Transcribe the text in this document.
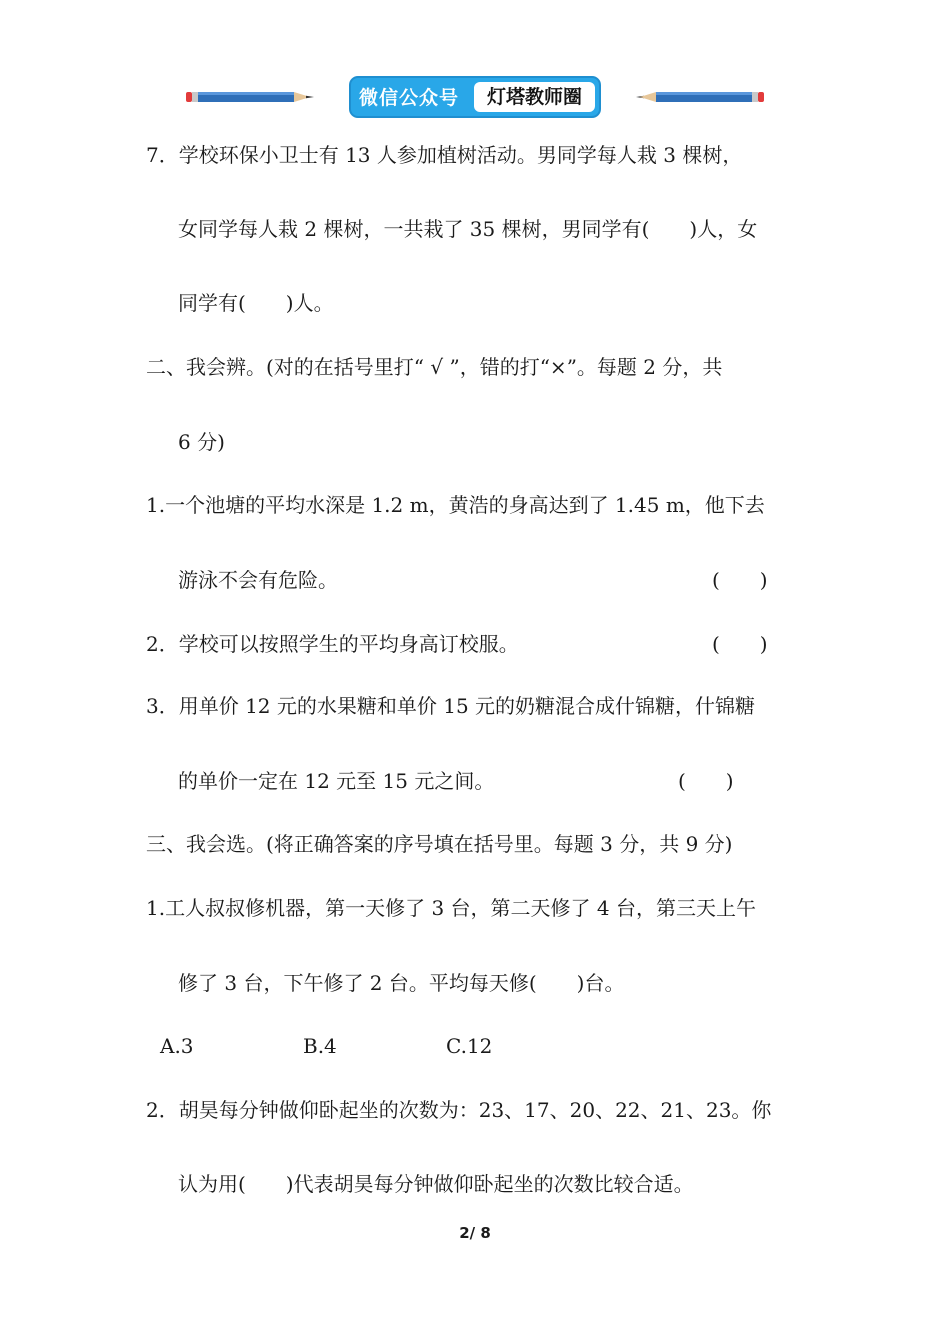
微信公众号	灯塔教师圈
7．学校环保小卫士有 13 人参加植树活动。男同学每人栽 3 棵树，
女同学每人栽 2 棵树，一共栽了 35 棵树，男同学有(　　)人，女
同学有(　　)人。
二、我会辨。(对的在括号里打“ √ ”，错的打“×”。每题 2 分，共
6 分)
1.一个池塘的平均水深是 1.2 m，黄浩的身高达到了 1.45 m，他下去
游泳不会有危险。	(　　)
2．学校可以按照学生的平均身高订校服。	(　　)
3．用单价 12 元的水果糖和单价 15 元的奶糖混合成什锦糖，什锦糖
的单价一定在 12 元至 15 元之间。	(　　)
三、我会选。(将正确答案的序号填在括号里。每题 3 分，共 9 分)
1.工人叔叔修机器，第一天修了 3 台，第二天修了 4 台，第三天上午
修了 3 台，下午修了 2 台。平均每天修(　　)台。
A.3	B.4	C.12
2．胡昊每分钟做仰卧起坐的次数为：23、17、20、22、21、23。你
认为用(　　)代表胡昊每分钟做仰卧起坐的次数比较合适。
2/ 8
